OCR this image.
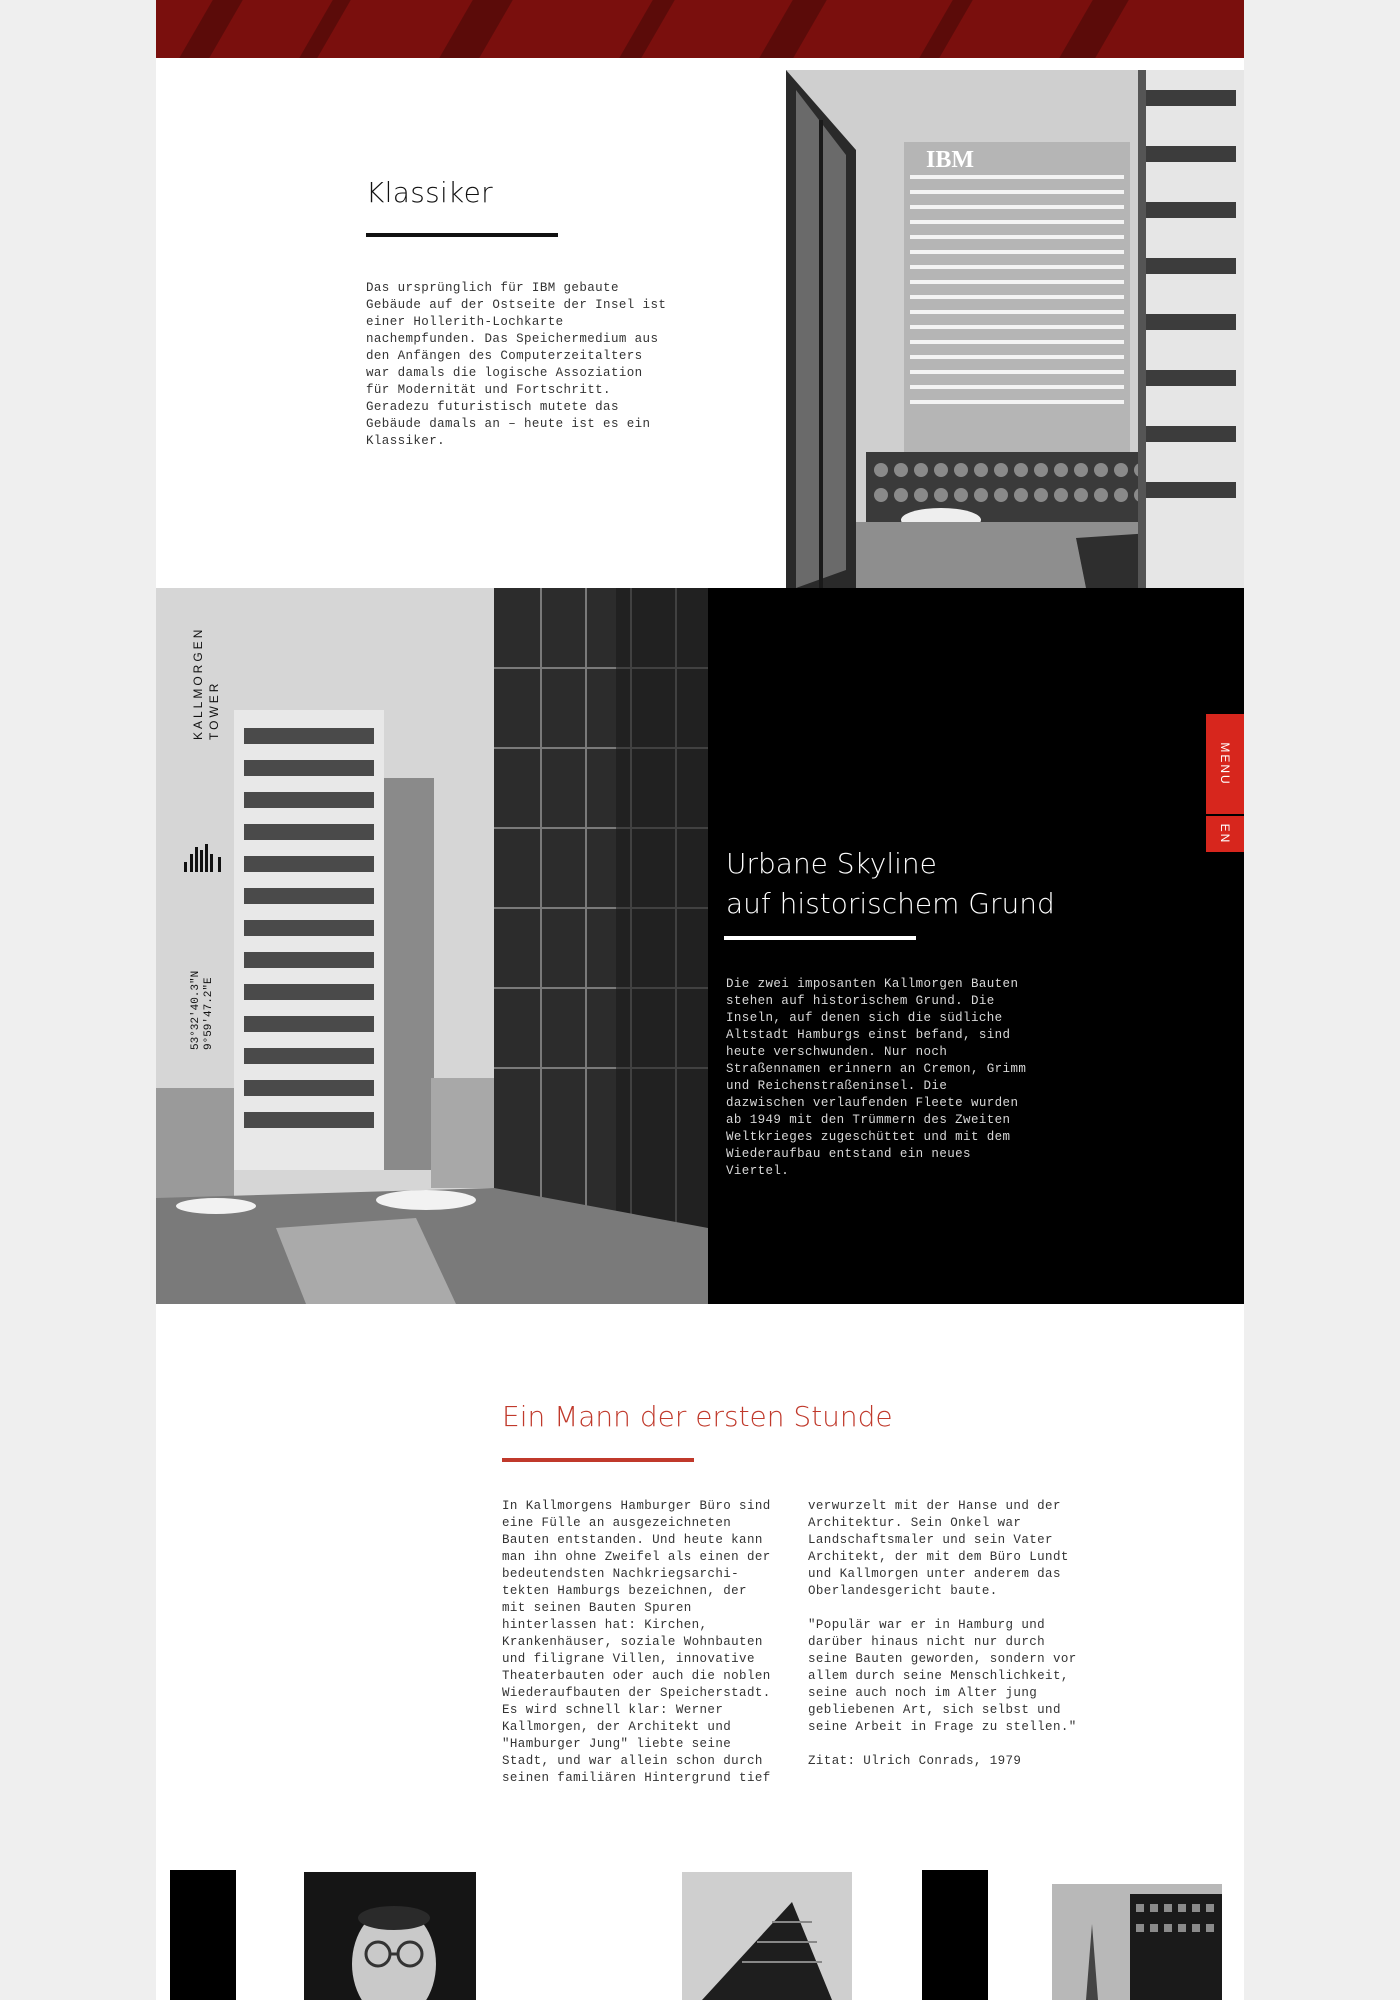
Klassiker

Das ursprünglich für IBM gebaute
Gebäude auf der Ostseite der Insel ist
einer Hollerith-Lochkarte
nachempfunden. Das Speichermedium aus
den Anfängen des Computerzeitalters
war damals die logische Assoziation
für Modernität und Fortschritt.
Geradezu futuristisch mutete das
Gebäude damals an – heute ist es ein
Klassiker.

IBM
KALLMORGEN TOWER
53°32'40.3"N 9°59'47.2"E
Urbane Skyline
auf historischem Grund

Die zwei imposanten Kallmorgen Bauten
stehen auf historischem Grund. Die
Inseln, auf denen sich die südliche
Altstadt Hamburgs einst befand, sind
heute verschwunden. Nur noch
Straßennamen erinnern an Cremon, Grimm
und Reichenstraßeninsel. Die
dazwischen verlaufenden Fleete wurden
ab 1949 mit den Trümmern des Zweiten
Weltkrieges zugeschüttet und mit dem
Wiederaufbau entstand ein neues
Viertel.

MENU
EN
Ein Mann der ersten Stunde

In Kallmorgens Hamburger Büro sind
eine Fülle an ausgezeichneten
Bauten entstanden. Und heute kann
man ihn ohne Zweifel als einen der
bedeutendsten Nachkriegsarchi-
tekten Hamburgs bezeichnen, der
mit seinen Bauten Spuren
hinterlassen hat: Kirchen,
Krankenhäuser, soziale Wohnbauten
und filigrane Villen, innovative
Theaterbauten oder auch die noblen
Wiederaufbauten der Speicherstadt.
Es wird schnell klar: Werner
Kallmorgen, der Architekt und
"Hamburger Jung" liebte seine
Stadt, und war allein schon durch
seinen familiären Hintergrund tief

verwurzelt mit der Hanse und der
Architektur. Sein Onkel war
Landschaftsmaler und sein Vater
Architekt, der mit dem Büro Lundt
und Kallmorgen unter anderem das
Oberlandesgericht baute.

"Populär war er in Hamburg und
darüber hinaus nicht nur durch
seine Bauten geworden, sondern vor
allem durch seine Menschlichkeit,
seine auch noch im Alter jung
gebliebenen Art, sich selbst und
seine Arbeit in Frage zu stellen."

Zitat: Ulrich Conrads, 1979
